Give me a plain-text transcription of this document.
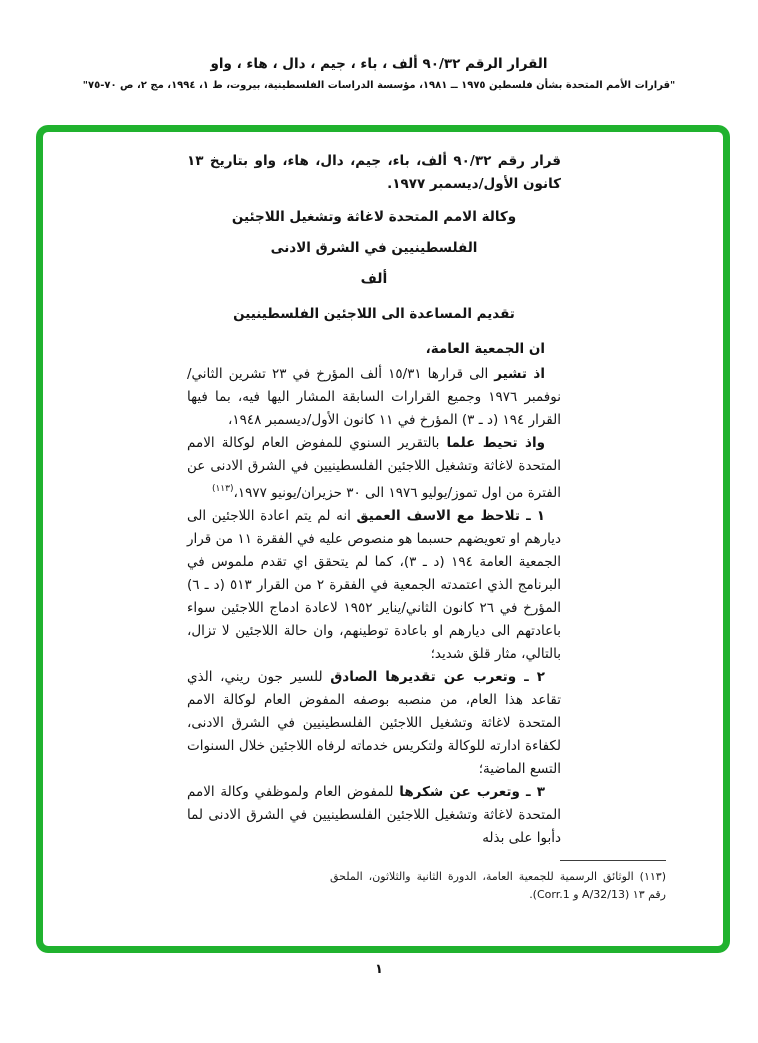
القرار الرقم ٩٠/٣٢ ألف ، باء ، جيم ، دال ، هاء ، واو
"قرارات الأمم المتحدة بشأن فلسطين ١٩٧٥ ــ ١٩٨١، مؤسسة الدراسات الفلسطينية، بيروت، ط ١، ١٩٩٤، مج ٢، ص ٧٠-٧٥"

قرار رقم ٩٠/٣٢ ألف، باء، جيم، دال، هاء، واو بتاريخ ١٣ كانون الأول/ديسمبر ١٩٧٧.

وكالة الامم المتحدة لاغاثة وتشغيل اللاجئين

الفلسطينيين في الشرق الادنى

ألف

تقديم المساعدة الى اللاجئين الفلسطينيين

ان الجمعية العامة،

اذ تشير الى قرارها ١٥/٣١ ألف المؤرخ في ٢٣ تشرين الثاني/نوفمبر ١٩٧٦ وجميع القرارات السابقة المشار اليها فيه، بما فيها القرار ١٩٤ (د ـ ٣) المؤرخ في ١١ كانون الأول/ديسمبر ١٩٤٨،

واذ تحيط علما بالتقرير السنوي للمفوض العام لوكالة الامم المتحدة لاغاثة وتشغيل اللاجئين الفلسطينيين في الشرق الادنى عن الفترة من اول تموز/يوليو ١٩٧٦ الى ٣٠ حزيران/يونيو ١٩٧٧،$^{(١١٣)}$

١ ـ تلاحظ مع الاسف العميق انه لم يتم اعادة اللاجئين الى ديارهم او تعويضهم حسبما هو منصوص عليه في الفقرة ١١ من قرار الجمعية العامة ١٩٤ (د ـ ٣)، كما لم يتحقق اي تقدم ملموس في البرنامج الذي اعتمدته الجمعية في الفقرة ٢ من القرار ٥١٣ (د ـ ٦) المؤرخ في ٢٦ كانون الثاني/يناير ١٩٥٢ لاعادة ادماج اللاجئين سواء باعادتهم الى ديارهم او باعادة توطينهم، وان حالة اللاجئين لا تزال، بالتالي، مثار قلق شديد؛

٢ ـ وتعرب عن تقديرها الصادق للسير جون ريني، الذي تقاعد هذا العام، من منصبه بوصفه المفوض العام لوكالة الامم المتحدة لاغاثة وتشغيل اللاجئين الفلسطينيين في الشرق الادنى، لكفاءة ادارته للوكالة ولتكريس خدماته لرفاه اللاجئين خلال السنوات التسع الماضية؛

٣ ـ وتعرب عن شكرها للمفوض العام ولموظفي وكالة الامم المتحدة لاغاثة وتشغيل اللاجئين الفلسطينيين في الشرق الادنى لما دأبوا على بذله

(١١٣) الوثائق الرسمية للجمعية العامة، الدورة الثانية والثلاثون، الملحق رقم ١٣ (A/32/13 و Corr.1).

١
